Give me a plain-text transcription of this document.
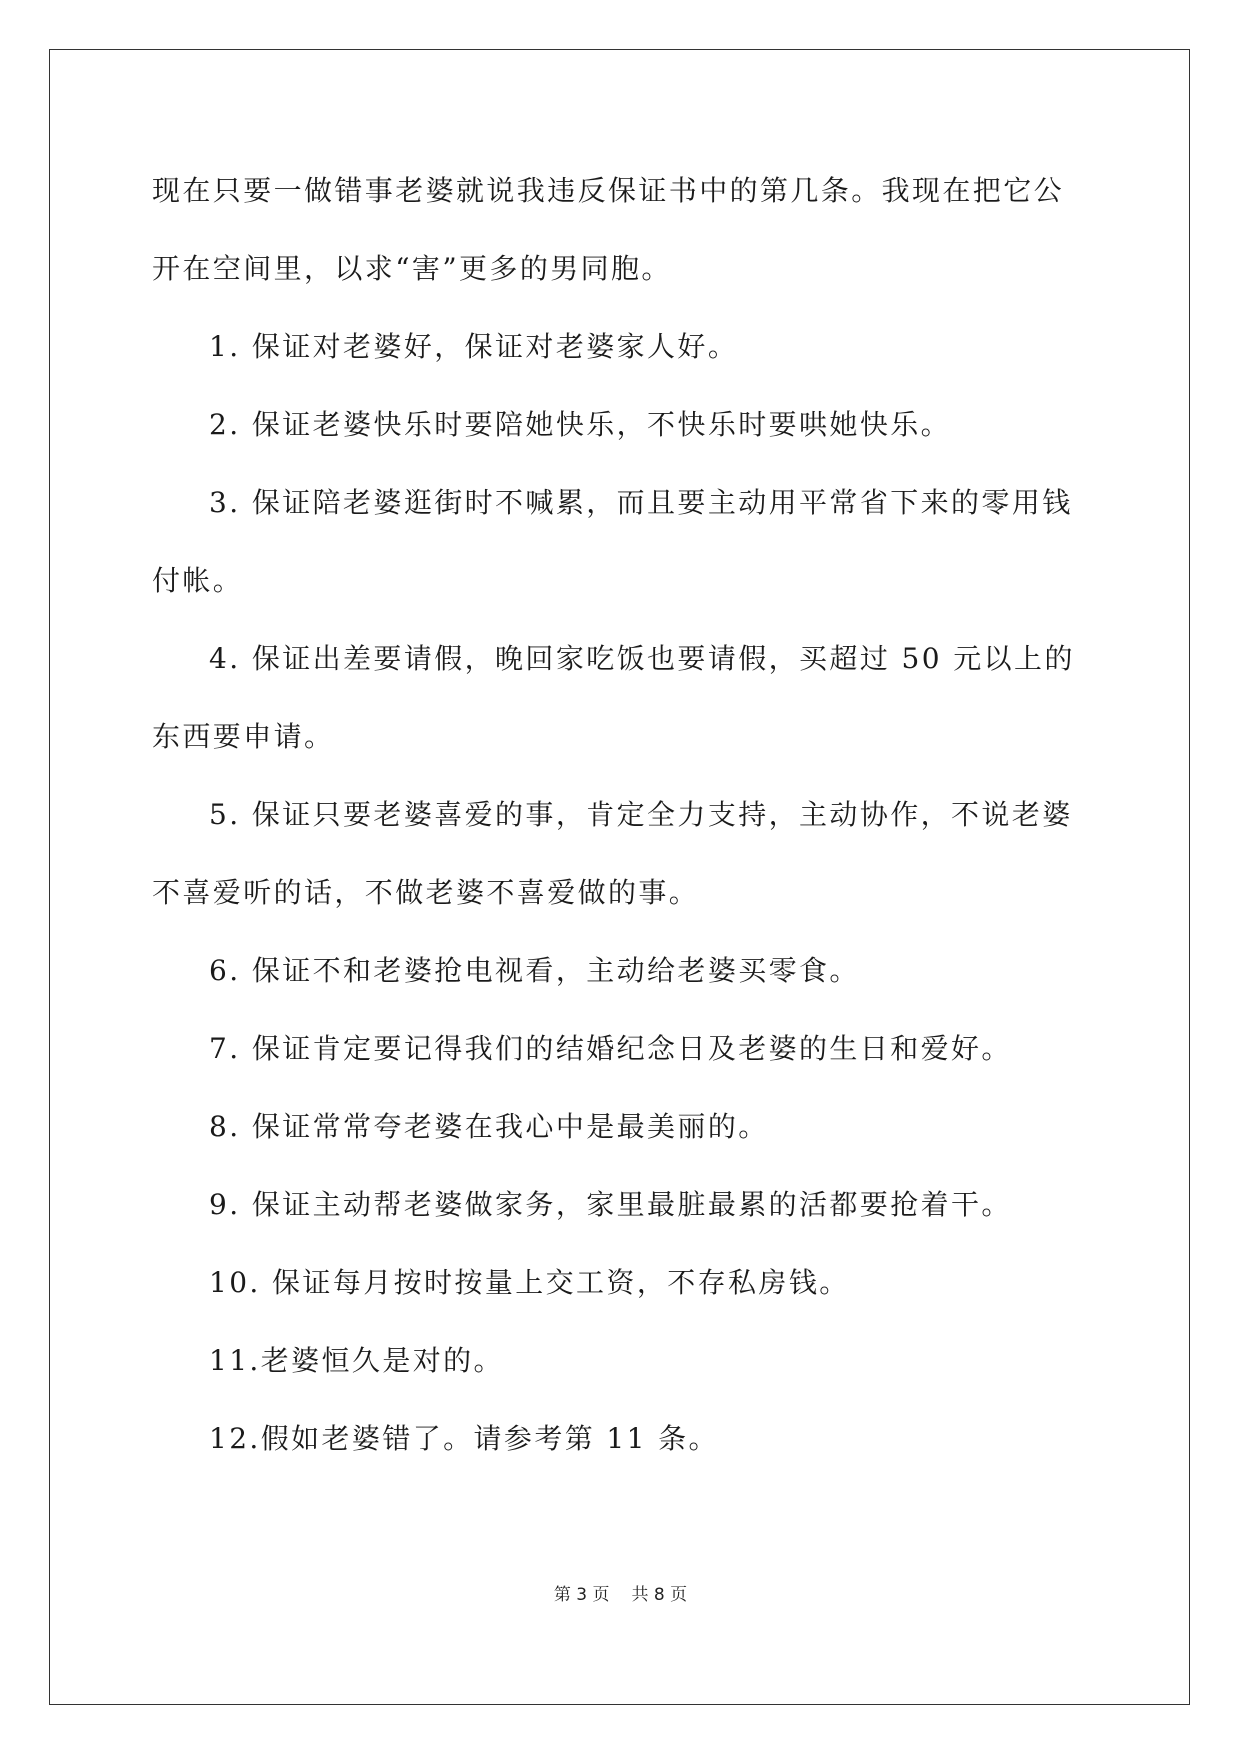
现在只要一做错事老婆就说我违反保证书中的第几条。我现在把它公
开在空间里，以求“害”更多的男同胞。
1. 保证对老婆好，保证对老婆家人好。
2. 保证老婆快乐时要陪她快乐，不快乐时要哄她快乐。
3. 保证陪老婆逛街时不喊累，而且要主动用平常省下来的零用钱
付帐。
4. 保证出差要请假，晚回家吃饭也要请假，买超过 50 元以上的
东西要申请。
5. 保证只要老婆喜爱的事，肯定全力支持，主动协作，不说老婆
不喜爱听的话，不做老婆不喜爱做的事。
6. 保证不和老婆抢电视看，主动给老婆买零食。
7. 保证肯定要记得我们的结婚纪念日及老婆的生日和爱好。
8. 保证常常夸老婆在我心中是最美丽的。
9. 保证主动帮老婆做家务，家里最脏最累的活都要抢着干。
10. 保证每月按时按量上交工资，不存私房钱。
11.老婆恒久是对的。
12.假如老婆错了。请参考第 11 条。
第 3 页 共 8 页
